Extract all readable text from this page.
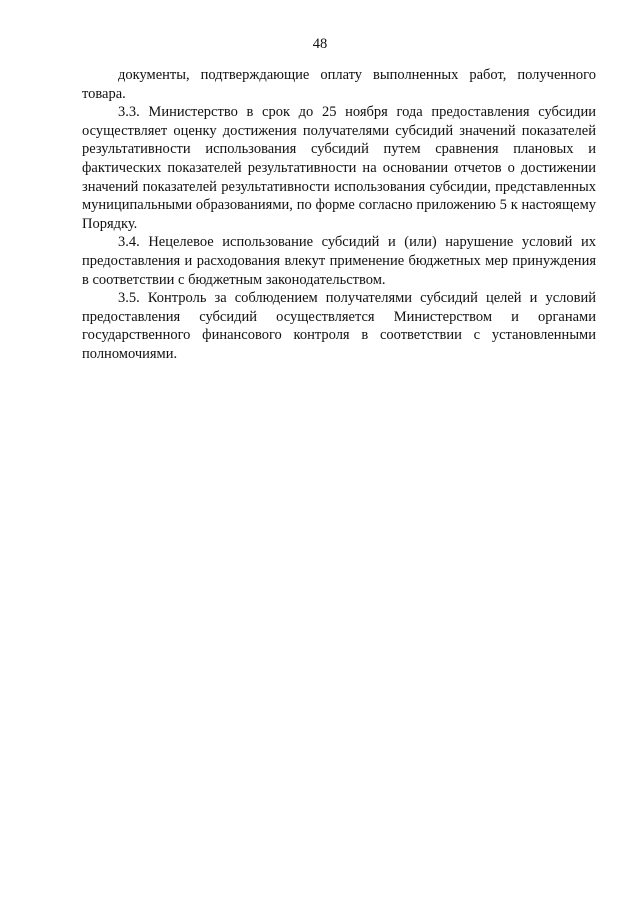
48

документы, подтверждающие оплату выполненных работ, полученного товара.

3.3. Министерство в срок до 25 ноября года предоставления субсидии осуществляет оценку достижения получателями субсидий значений показателей результативности использования субсидий путем сравнения плановых и фактических показателей результативности на основании отчетов о достижении значений показателей результативности использования субсидии, представленных муниципальными образованиями, по форме согласно приложению 5 к настоящему Порядку.

3.4. Нецелевое использование субсидий и (или) нарушение условий их предоставления и расходования влекут применение бюджетных мер принуждения в соответствии с бюджетным законодательством.

3.5. Контроль за соблюдением получателями субсидий целей и условий предоставления субсидий осуществляется Министерством и органами государственного финансового контроля в соответствии с установленными полномочиями.
